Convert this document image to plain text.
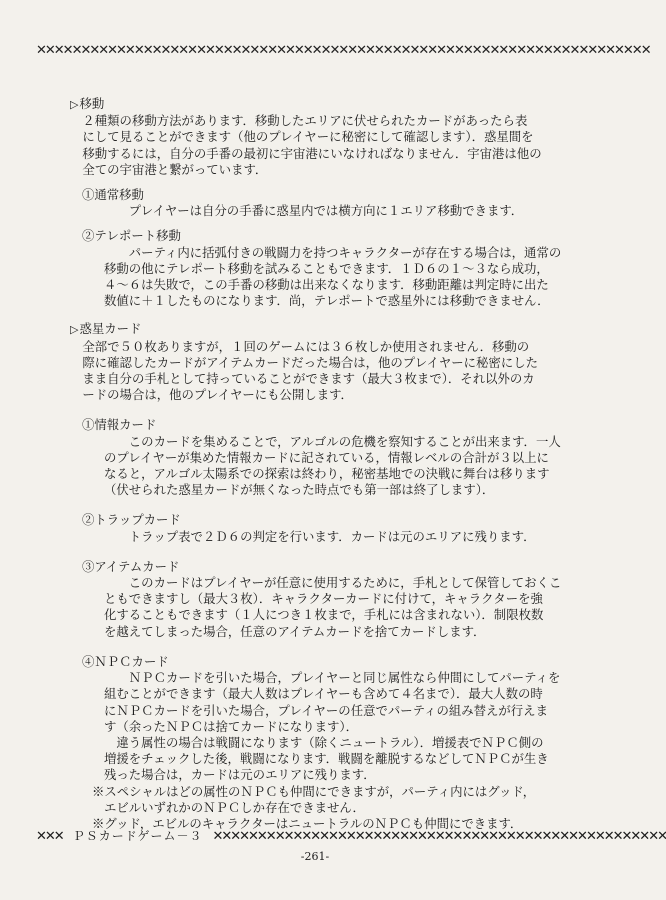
✕✕✕✕✕✕✕✕✕✕✕✕✕✕✕✕✕✕✕✕✕✕✕✕✕✕✕✕✕✕✕✕✕✕✕✕✕✕✕✕✕✕✕✕✕✕✕✕✕✕✕✕✕✕✕✕✕✕✕✕✕✕✕✕✕✕✕✕✕
▷移動

２種類の移動方法があります．移動したエリアに伏せられたカードがあったら表

にして見ることができます（他のプレイヤーに秘密にして確認します）．惑星間を

移動するには，自分の手番の最初に宇宙港にいなければなりません．宇宙港は他の

全ての宇宙港と繋がっています．

①通常移動

プレイヤーは自分の手番に惑星内では横方向に１エリア移動できます．

②テレポート移動

パーティ内に括弧付きの戦闘力を持つキャラクターが存在する場合は，通常の

移動の他にテレポート移動を試みることもできます．１Ｄ６の１～３なら成功，

４～６は失敗で，この手番の移動は出来なくなります．移動距離は判定時に出た

数値に＋１したものになります．尚，テレポートで惑星外には移動できません．

▷惑星カード

全部で５０枚ありますが，１回のゲームには３６枚しか使用されません．移動の

際に確認したカードがアイテムカードだった場合は，他のプレイヤーに秘密にした

まま自分の手札として持っていることができます（最大３枚まで）．それ以外のカ

ードの場合は，他のプレイヤーにも公開します．

①情報カード

このカードを集めることで，アルゴルの危機を察知することが出来ます．一人

のプレイヤーが集めた情報カードに記されている，情報レベルの合計が３以上に

なると，アルゴル太陽系での探索は終わり，秘密基地での決戦に舞台は移ります

（伏せられた惑星カードが無くなった時点でも第一部は終了します）．

②トラップカード

トラップ表で２Ｄ６の判定を行います．カードは元のエリアに残ります．

③アイテムカード

このカードはプレイヤーが任意に使用するために，手札として保管しておくこ

ともできますし（最大３枚）．キャラクターカードに付けて，キャラクターを強

化することもできます（１人につき１枚まで，手札には含まれない）．制限枚数

を越えてしまった場合，任意のアイテムカードを捨てカードします．

④ＮＰＣカード

ＮＰＣカードを引いた場合，プレイヤーと同じ属性なら仲間にしてパーティを

組むことができます（最大人数はプレイヤーも含めて４名まで）．最大人数の時

にＮＰＣカードを引いた場合，プレイヤーの任意でパーティの組み替えが行えま

す（余ったＮＰＣは捨てカードになります）．

違う属性の場合は戦闘になります（除くニュートラル）．増援表でＮＰＣ側の

増援をチェックした後，戦闘になります．戦闘を離脱するなどしてＮＰＣが生き

残った場合は，カードは元のエリアに残ります．

※スペシャルはどの属性のＮＰＣも仲間にできますが，パーティ内にはグッド，

エビルいずれかのＮＰＣしか存在できません．

※グッド，エビルのキャラクターはニュートラルのＮＰＣも仲間にできます．

✕✕✕ ＰＳカードゲーム－３ ✕✕✕✕✕✕✕✕✕✕✕✕✕✕✕✕✕✕✕✕✕✕✕✕✕✕✕✕✕✕✕✕✕✕✕✕✕✕✕✕✕✕✕✕✕✕✕✕✕✕✕
-261-
